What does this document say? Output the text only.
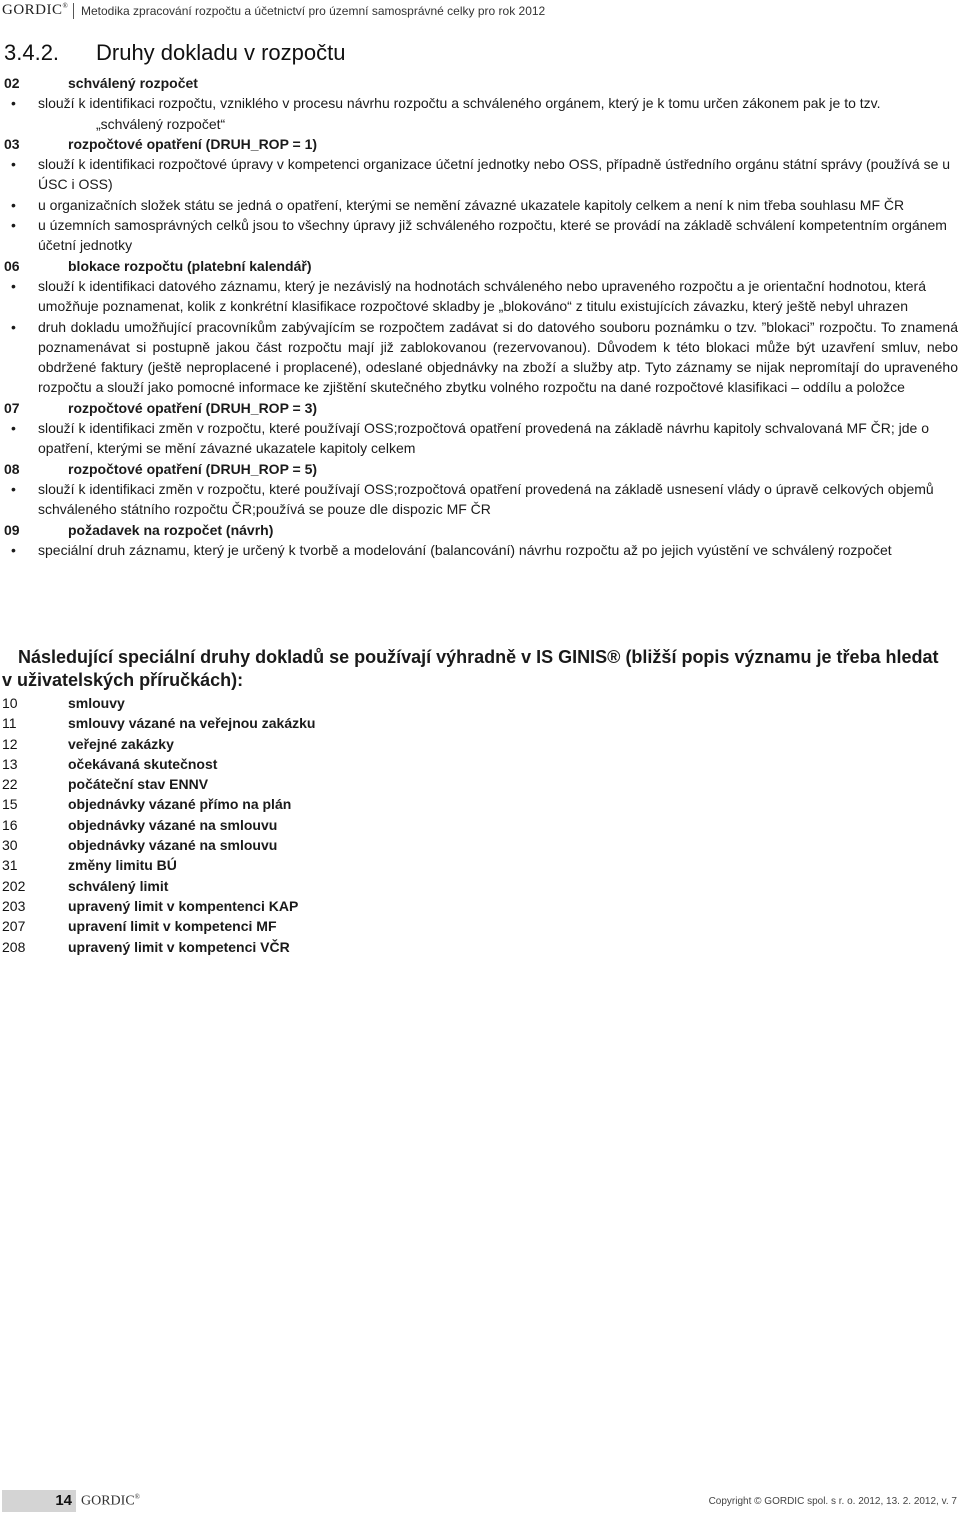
GORDIC® Metodika zpracování rozpočtu a účetnictví pro územní samosprávné celky pro rok 2012
3.4.2. Druhy dokladu v rozpočtu
02	schválený rozpočet
• slouží k identifikaci rozpočtu, vzniklého v procesu návrhu rozpočtu a schváleného orgánem, který je k tomu určen zákonem pak je to tzv.
„schválený rozpočet“
03	rozpočtové opatření (DRUH_ROP = 1)
• slouží k identifikaci rozpočtové úpravy v kompetenci organizace účetní jednotky nebo OSS, případně ústředního orgánu státní správy (používá se u ÚSC i OSS)
• u organizačních složek státu se jedná o opatření, kterými se nemění závazné ukazatele kapitoly celkem a není k nim třeba souhlasu MF ČR
• u územních samosprávných celků jsou to všechny úpravy již schváleného rozpočtu, které se provádí na základě schválení kompetentním orgánem účetní jednotky
06	blokace rozpočtu (platební kalendář)
• slouží k identifikaci datového záznamu, který je nezávislý na hodnotách schváleného nebo upraveného rozpočtu a je orientační hodnotou, která umožňuje poznamenat, kolik z konkrétní klasifikace rozpočtové skladby je „blokováno“ z titulu existujících závazku, který ještě nebyl uhrazen
• druh dokladu umožňující pracovníkům zabývajícím se rozpočtem zadávat si do datového souboru poznámku o tzv. ”blokaci” rozpočtu. To znamená poznamenávat si postupně jakou část rozpočtu mají již zablokovanou (rezervovanou). Důvodem k této blokaci může být uzavření smluv, nebo obdržené faktury (ještě neproplacené i proplacené), odeslané objednávky na zboží a služby atp. Tyto záznamy se nijak nepromítají do upraveného rozpočtu a slouží jako pomocné informace ke zjištění skutečného zbytku volného rozpočtu na dané rozpočtové klasifikaci – oddílu a položce
07	rozpočtové opatření (DRUH_ROP = 3)
• slouží k identifikaci změn v rozpočtu, které používají OSS;rozpočtová opatření provedená na základě návrhu kapitoly schvalovaná MF ČR; jde o opatření, kterými se mění závazné ukazatele kapitoly celkem
08	rozpočtové opatření (DRUH_ROP = 5)
• slouží k identifikaci změn v rozpočtu, které používají OSS;rozpočtová opatření provedená na základě usnesení vlády o úpravě celkových objemů schváleného státního rozpočtu ČR;používá se pouze dle dispozic MF ČR
09	požadavek na rozpočet (návrh)
• speciální druh záznamu, který je určený k tvorbě a modelování (balancování) návrhu rozpočtu až po jejich vyústění ve schválený rozpočet
Následující speciální druhy dokladů se používají výhradně v IS GINIS® (bližší popis významu je třeba hledat
v uživatelských příručkách):
10	smlouvy
11	smlouvy vázané na veřejnou zakázku
12	veřejné zakázky
13	očekávaná skutečnost
22	počáteční stav ENNV
15	objednávky vázané přímo na plán
16	objednávky vázané na smlouvu
30	objednávky vázané na smlouvu
31	změny limitu BÚ
202	schválený limit
203	upravený limit v kompentenci KAP
207	upravení limit v kompetenci MF
208	upravený limit v kompetenci VČR
14 GORDIC®	Copyright © GORDIC spol. s r. o. 2012, 13. 2. 2012, v. 7
